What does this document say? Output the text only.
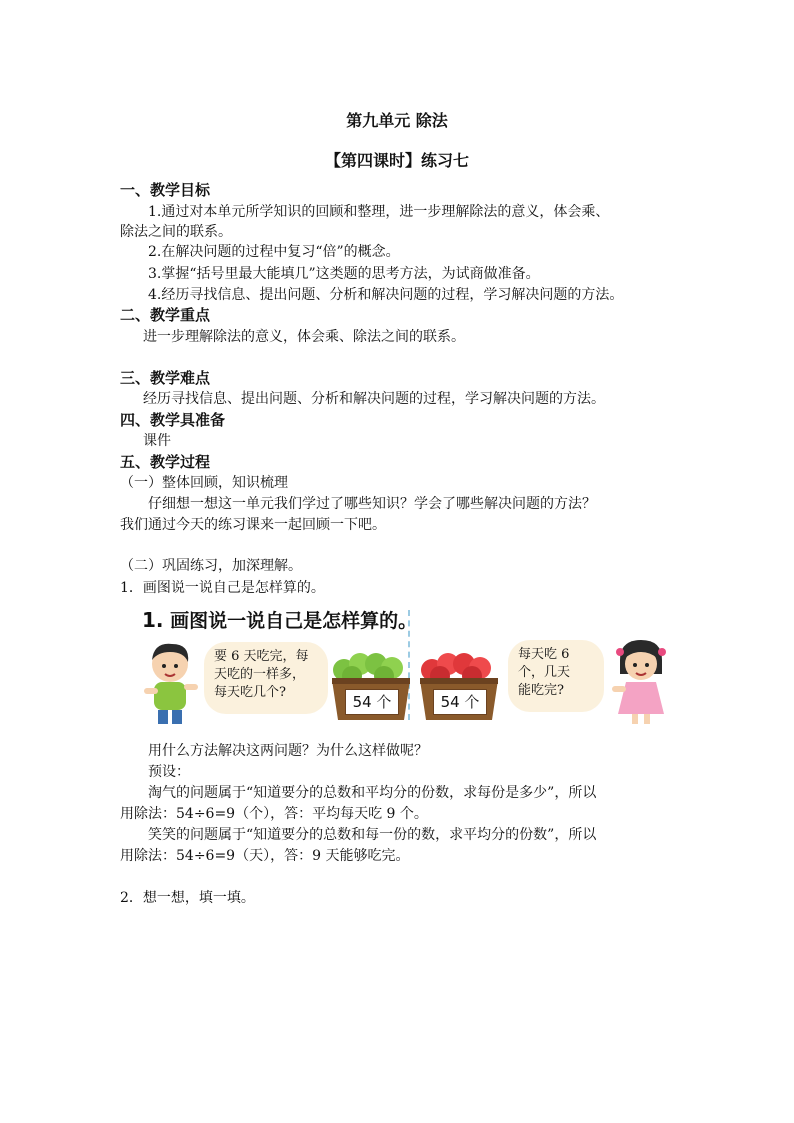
第九单元 除法
【第四课时】练习七
一、教学目标
1.通过对本单元所学知识的回顾和整理，进一步理解除法的意义，体会乘、
除法之间的联系。
2.在解决问题的过程中复习“倍”的概念。
3.掌握“括号里最大能填几”这类题的思考方法，为试商做准备。
4.经历寻找信息、提出问题、分析和解决问题的过程，学习解决问题的方法。
二、教学重点
进一步理解除法的意义，体会乘、除法之间的联系。
三、教学难点
经历寻找信息、提出问题、分析和解决问题的过程，学习解决问题的方法。
四、教学具准备
课件
五、教学过程
（一）整体回顾，知识梳理
仔细想一想这一单元我们学过了哪些知识？学会了哪些解决问题的方法？
我们通过今天的练习课来一起回顾一下吧。
（二）巩固练习，加深理解。
1．画图说一说自己是怎样算的。
1. 画图说一说自己是怎样算的。
要 6 天吃完，每
天吃的一样多，
每天吃几个?
54 个	54 个
每天吃 6
个，几天
能吃完?
用什么方法解决这两问题？为什么这样做呢？
预设：
淘气的问题属于“知道要分的总数和平均分的份数，求每份是多少”，所以
用除法：54÷6=9（个），答：平均每天吃 9 个。
笑笑的问题属于“知道要分的总数和每一份的数，求平均分的份数”，所以
用除法：54÷6=9（天），答：9 天能够吃完。
2．想一想，填一填。
